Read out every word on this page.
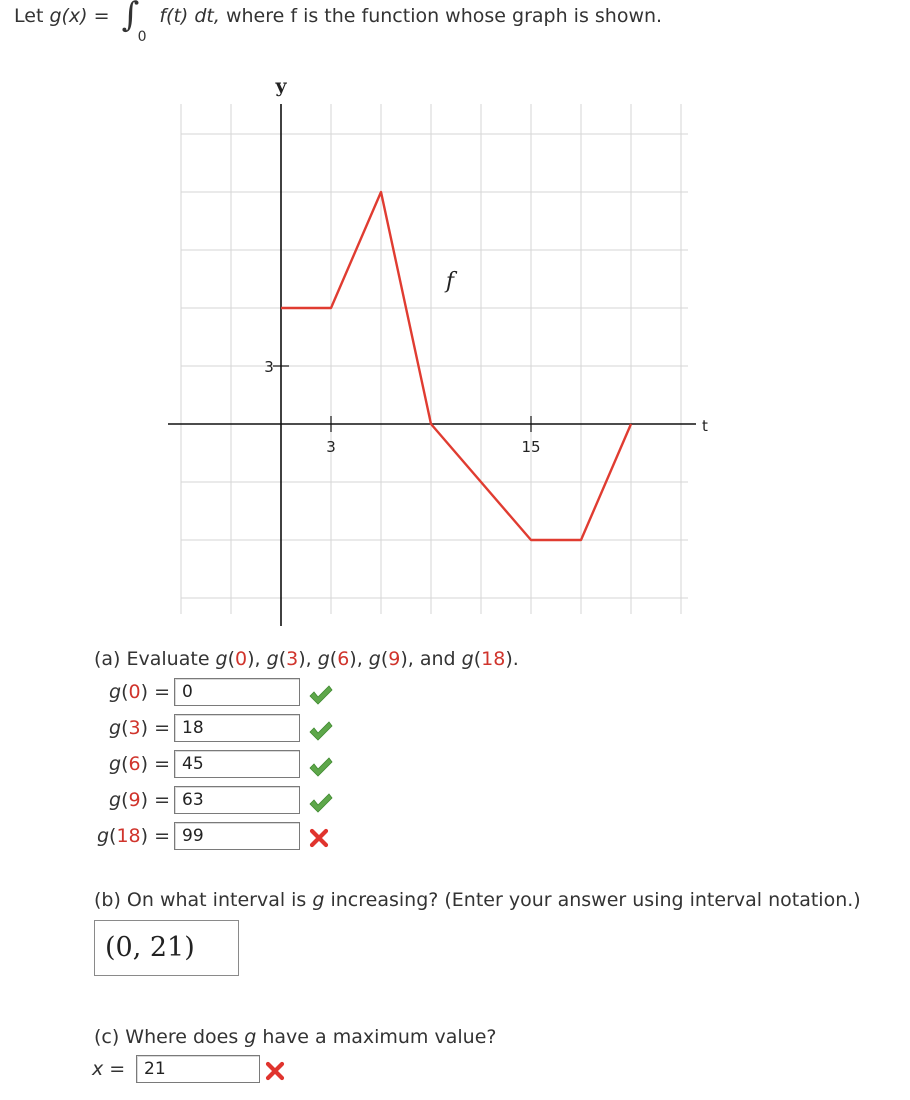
Let g(x) = ∫
0
f(t) dt, where f is the function whose graph is shown.
y
t
f
3
3	15
(a) Evaluate g(0), g(3), g(6), g(9), and g(18).
g(0) = 0
g(3) = 18
g(6) = 45
g(9) = 63
g(18) = 99
(b) On what interval is g increasing? (Enter your answer using interval notation.)
(0, 21)
(c) Where does g have a maximum value?
x =	21
